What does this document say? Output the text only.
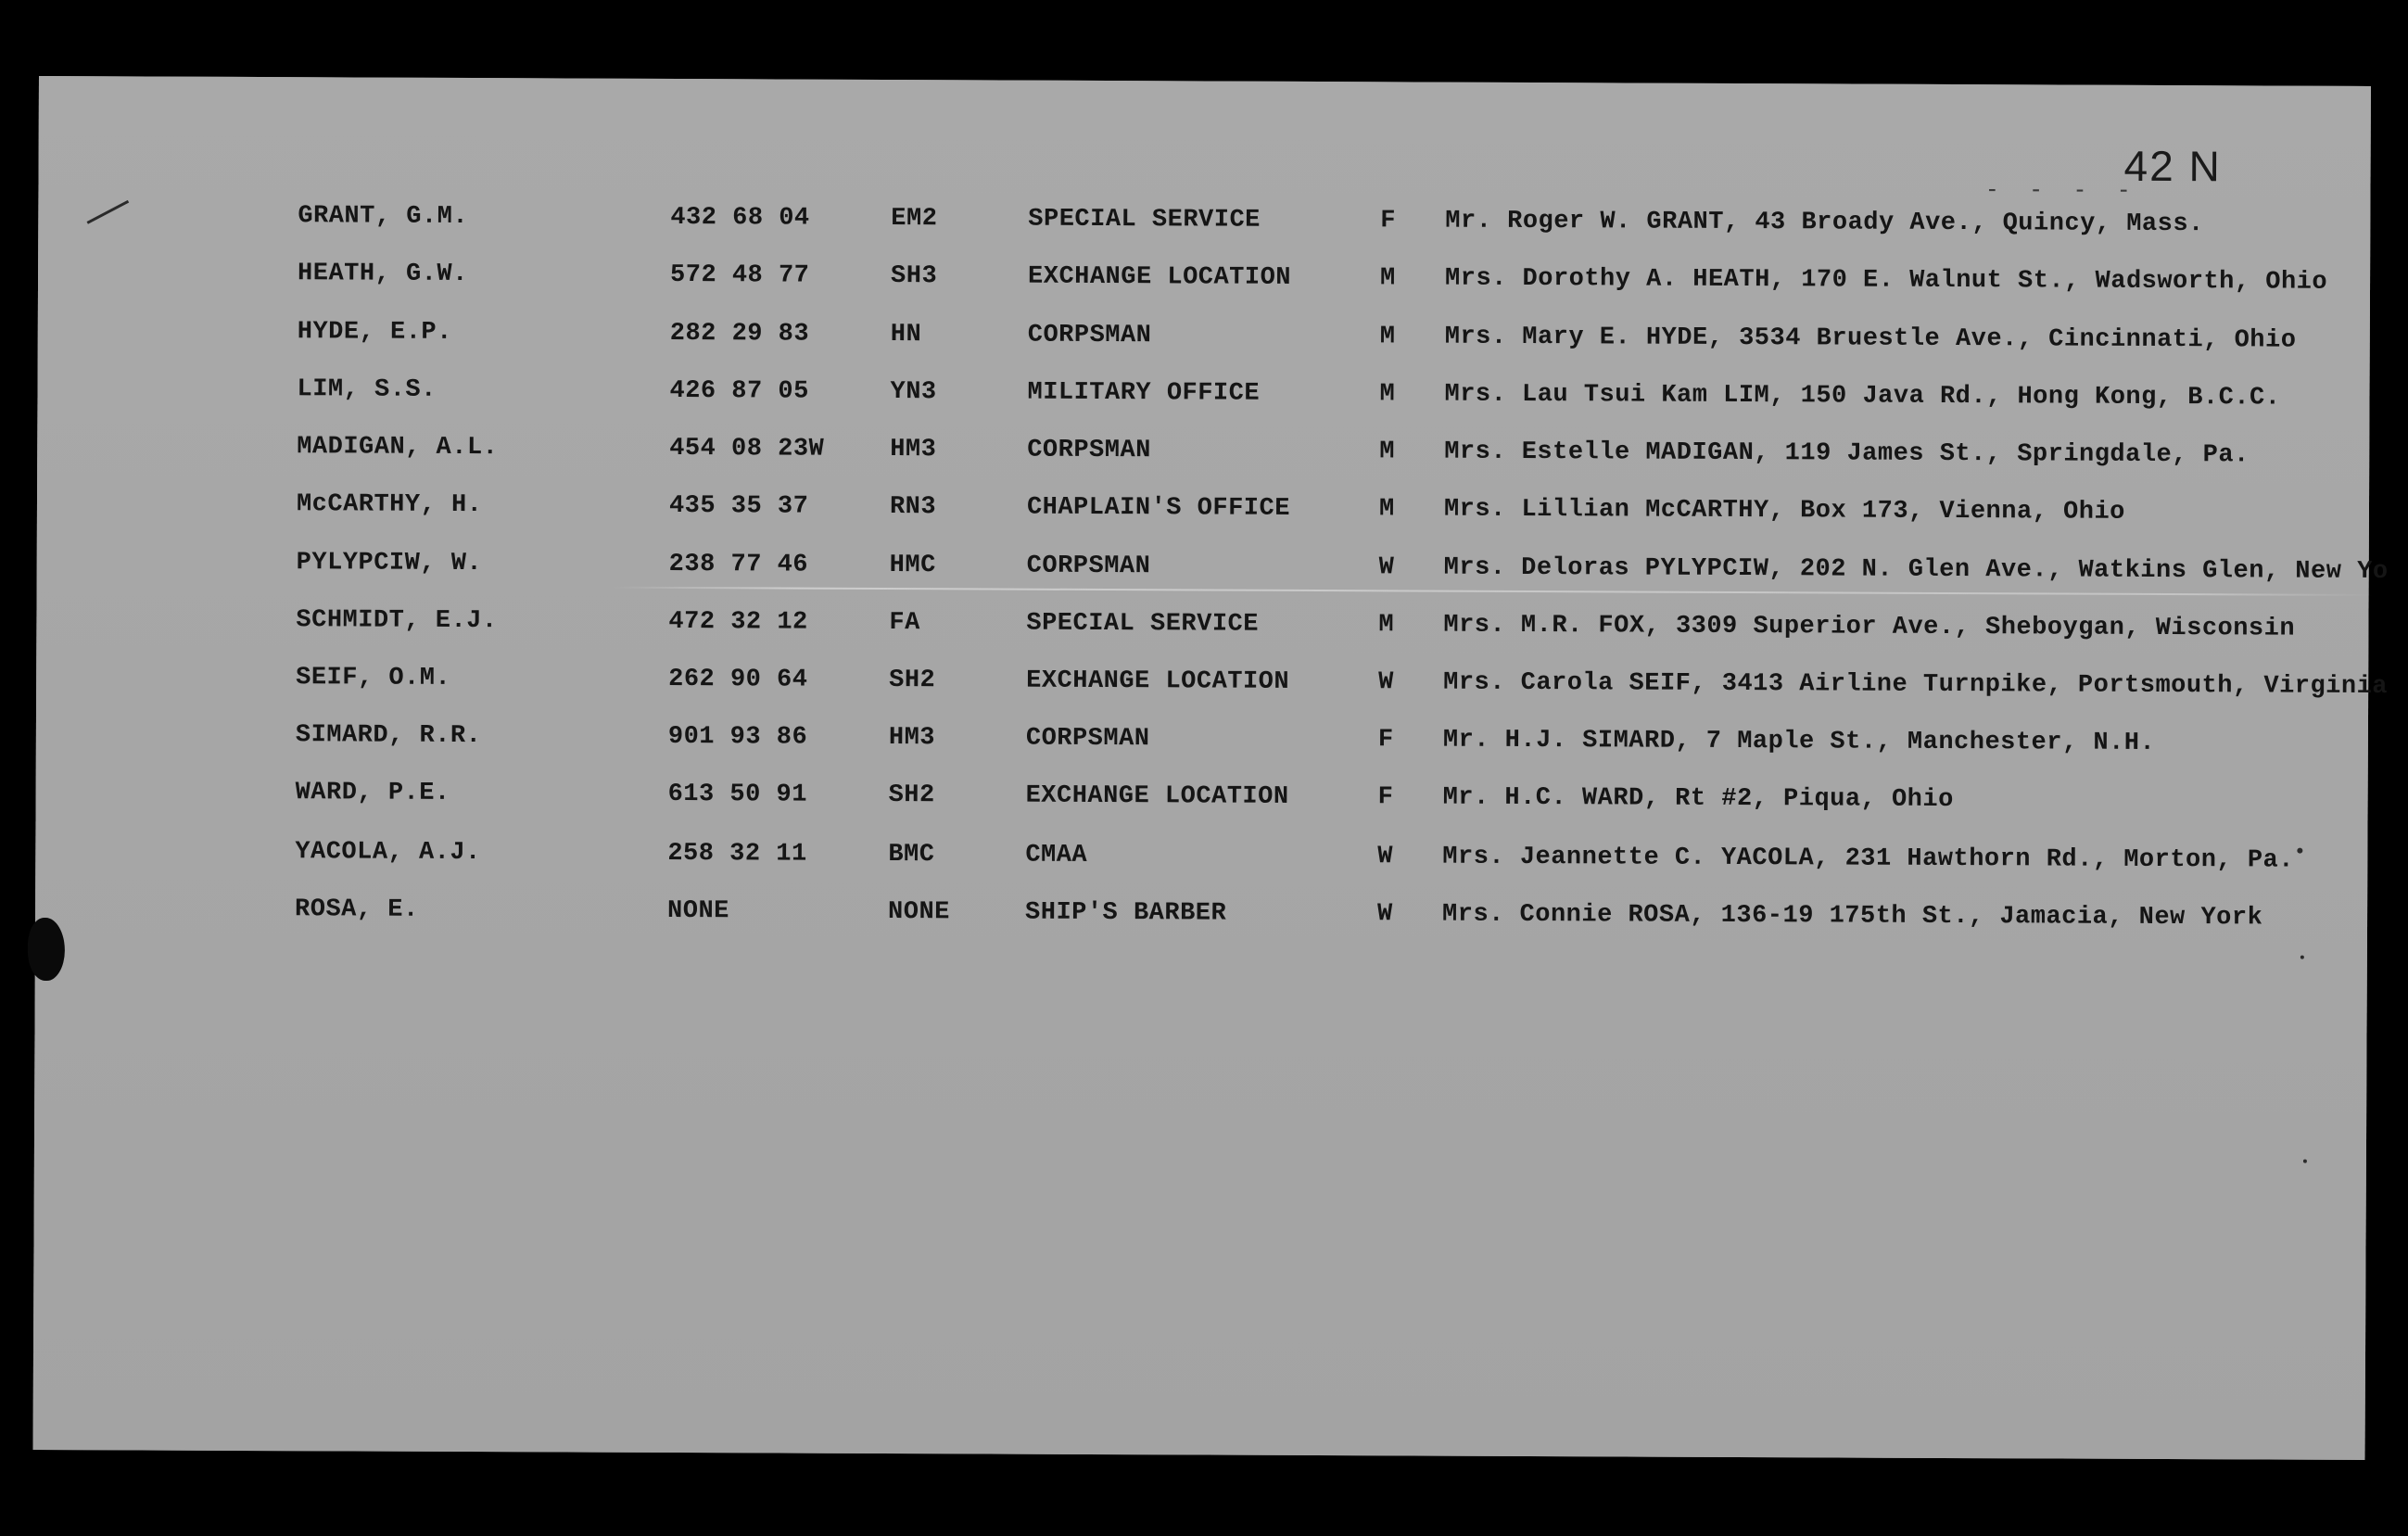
42 N
- - - -
GRANT, G.M.	432 68 04	EM2	SPECIAL SERVICE	F Mr. Roger W. GRANT, 43 Broady Ave., Quincy, Mass.
HEATH, G.W.	572 48 77	SH3	EXCHANGE LOCATION	M Mrs. Dorothy A. HEATH, 170 E. Walnut St., Wadsworth, Ohio
HYDE, E.P.	282 29 83	HN	CORPSMAN	M Mrs. Mary E. HYDE, 3534 Bruestle Ave., Cincinnati, Ohio
LIM, S.S.	426 87 05	YN3	MILITARY OFFICE	M Mrs. Lau Tsui Kam LIM, 150 Java Rd., Hong Kong, B.C.C.
MADIGAN, A.L.	454 08 23W	HM3	CORPSMAN	M Mrs. Estelle MADIGAN, 119 James St., Springdale, Pa.
McCARTHY, H.	435 35 37	RN3	CHAPLAIN'S OFFICE	M Mrs. Lillian McCARTHY, Box 173, Vienna, Ohio
PYLYPCIW, W.	238 77 46	HMC	CORPSMAN	W Mrs. Deloras PYLYPCIW, 202 N. Glen Ave., Watkins Glen, New Yo
SCHMIDT, E.J.	472 32 12	FA	SPECIAL SERVICE	M Mrs. M.R. FOX, 3309 Superior Ave., Sheboygan, Wisconsin
SEIF, O.M.	262 90 64	SH2	EXCHANGE LOCATION	W Mrs. Carola SEIF, 3413 Airline Turnpike, Portsmouth, Virginia
SIMARD, R.R.	901 93 86	HM3	CORPSMAN	F Mr. H.J. SIMARD, 7 Maple St., Manchester, N.H.
WARD, P.E.	613 50 91	SH2	EXCHANGE LOCATION	F Mr. H.C. WARD, Rt #2, Piqua, Ohio
YACOLA, A.J.	258 32 11	BMC	CMAA	W Mrs. Jeannette C. YACOLA, 231 Hawthorn Rd., Morton, Pa.
ROSA, E.	NONE	NONE	SHIP'S BARBER	W Mrs. Connie ROSA, 136-19 175th St., Jamacia, New York
